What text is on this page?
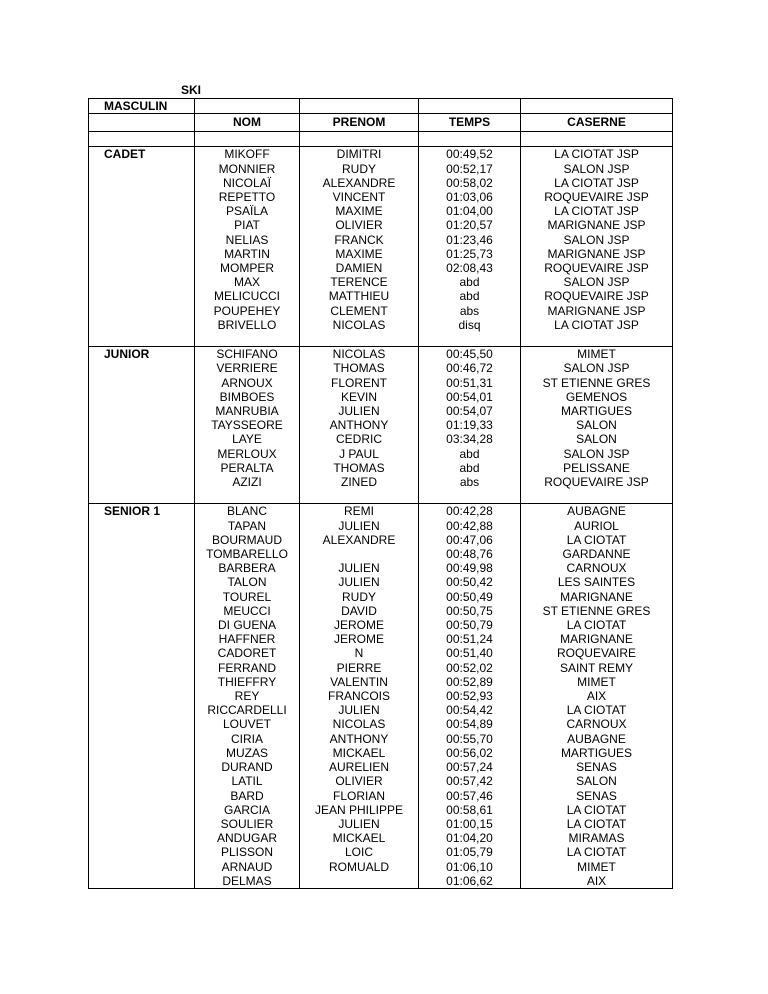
SKI
MASCULIN				
	NOM	PRENOM	TEMPS	CASERNE

CADET	MIKOFF	DIMITRI	00:49,52	LA CIOTAT JSP
	MONNIER	RUDY	00:52,17	SALON JSP
	NICOLAÏ	ALEXANDRE	00:58,02	LA CIOTAT JSP
	REPETTO	VINCENT	01:03,06	ROQUEVAIRE JSP
	PSAÏLA	MAXIME	01:04,00	LA CIOTAT JSP
	PIAT	OLIVIER	01:20,57	MARIGNANE JSP
	NELIAS	FRANCK	01:23,46	SALON JSP
	MARTIN	MAXIME	01:25,73	MARIGNANE JSP
	MOMPER	DAMIEN	02:08,43	ROQUEVAIRE JSP
	MAX	TERENCE	abd	SALON JSP
	MELICUCCI	MATTHIEU	abd	ROQUEVAIRE JSP
	POUPEHEY	CLEMENT	abs	MARIGNANE JSP
	BRIVELLO	NICOLAS	disq	LA CIOTAT JSP

JUNIOR	SCHIFANO	NICOLAS	00:45,50	MIMET
	VERRIERE	THOMAS	00:46,72	SALON JSP
	ARNOUX	FLORENT	00:51,31	ST ETIENNE GRES
	BIMBOES	KEVIN	00:54,01	GEMENOS
	MANRUBIA	JULIEN	00:54,07	MARTIGUES
	TAYSSEORE	ANTHONY	01:19,33	SALON
	LAYE	CEDRIC	03:34,28	SALON
	MERLOUX	J PAUL	abd	SALON JSP
	PERALTA	THOMAS	abd	PELISSANE
	AZIZI	ZINED	abs	ROQUEVAIRE JSP

SENIOR 1	BLANC	REMI	00:42,28	AUBAGNE
	TAPAN	JULIEN	00:42,88	AURIOL
	BOURMAUD	ALEXANDRE	00:47,06	LA CIOTAT
	TOMBARELLO		00:48,76	GARDANNE
	BARBERA	JULIEN	00:49,98	CARNOUX
	TALON	JULIEN	00:50,42	LES SAINTES
	TOUREL	RUDY	00:50,49	MARIGNANE
	MEUCCI	DAVID	00:50,75	ST ETIENNE GRES
	DI GUENA	JEROME	00:50,79	LA CIOTAT
	HAFFNER	JEROME	00:51,24	MARIGNANE
	CADORET	N	00:51,40	ROQUEVAIRE
	FERRAND	PIERRE	00:52,02	SAINT REMY
	THIEFFRY	VALENTIN	00:52,89	MIMET
	REY	FRANCOIS	00:52,93	AIX
	RICCARDELLI	JULIEN	00:54,42	LA CIOTAT
	LOUVET	NICOLAS	00:54,89	CARNOUX
	CIRIA	ANTHONY	00:55,70	AUBAGNE
	MUZAS	MICKAEL	00:56,02	MARTIGUES
	DURAND	AURELIEN	00:57,24	SENAS
	LATIL	OLIVIER	00:57,42	SALON
	BARD	FLORIAN	00:57,46	SENAS
	GARCIA	JEAN PHILIPPE	00:58,61	LA CIOTAT
	SOULIER	JULIEN	01:00,15	LA CIOTAT
	ANDUGAR	MICKAEL	01:04,20	MIRAMAS
	PLISSON	LOIC	01:05,79	LA CIOTAT
	ARNAUD	ROMUALD	01:06,10	MIMET
	DELMAS		01:06,62	AIX
